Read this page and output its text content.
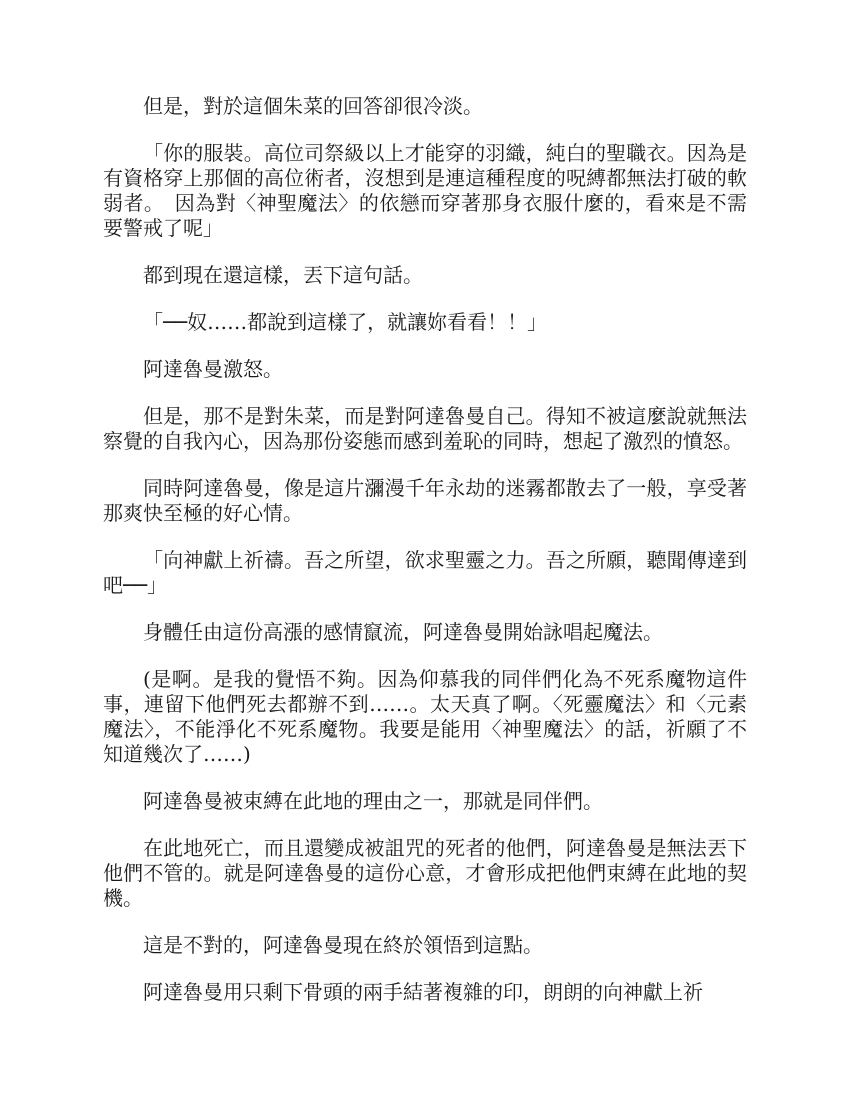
但是，對於這個朱菜的回答卻很冷淡。

「你的服裝。高位司祭級以上才能穿的羽織，純白的聖職衣。因為是有資格穿上那個的高位術者，沒想到是連這種程度的呪縛都無法打破的軟弱者。　因為對〈神聖魔法〉的依戀而穿著那身衣服什麼的，看來是不需要警戒了呢」

都到現在還這樣，丟下這句話。

「──奴……都說到這樣了，就讓妳看看！！」

阿達魯曼激怒。

但是，那不是對朱菜，而是對阿達魯曼自己。得知不被這麼說就無法察覺的自我內心，因為那份姿態而感到羞恥的同時，想起了激烈的憤怒。

同時阿達魯曼，像是這片瀰漫千年永劫的迷霧都散去了一般，享受著那爽快至極的好心情。

「向神獻上祈禱。吾之所望，欲求聖靈之力。吾之所願，聽聞傳達到吧──」

身體任由這份高漲的感情竄流，阿達魯曼開始詠唱起魔法。

(是啊。是我的覺悟不夠。因為仰慕我的同伴們化為不死系魔物這件事，連留下他們死去都辦不到……。太天真了啊。〈死靈魔法〉和〈元素魔法〉，不能淨化不死系魔物。我要是能用〈神聖魔法〉的話，祈願了不知道幾次了……)

阿達魯曼被束縛在此地的理由之一，那就是同伴們。

在此地死亡，而且還變成被詛咒的死者的他們，阿達魯曼是無法丟下他們不管的。就是阿達魯曼的這份心意，才會形成把他們束縛在此地的契機。

這是不對的，阿達魯曼現在終於領悟到這點。

阿達魯曼用只剩下骨頭的兩手結著複雜的印，朗朗的向神獻上祈
